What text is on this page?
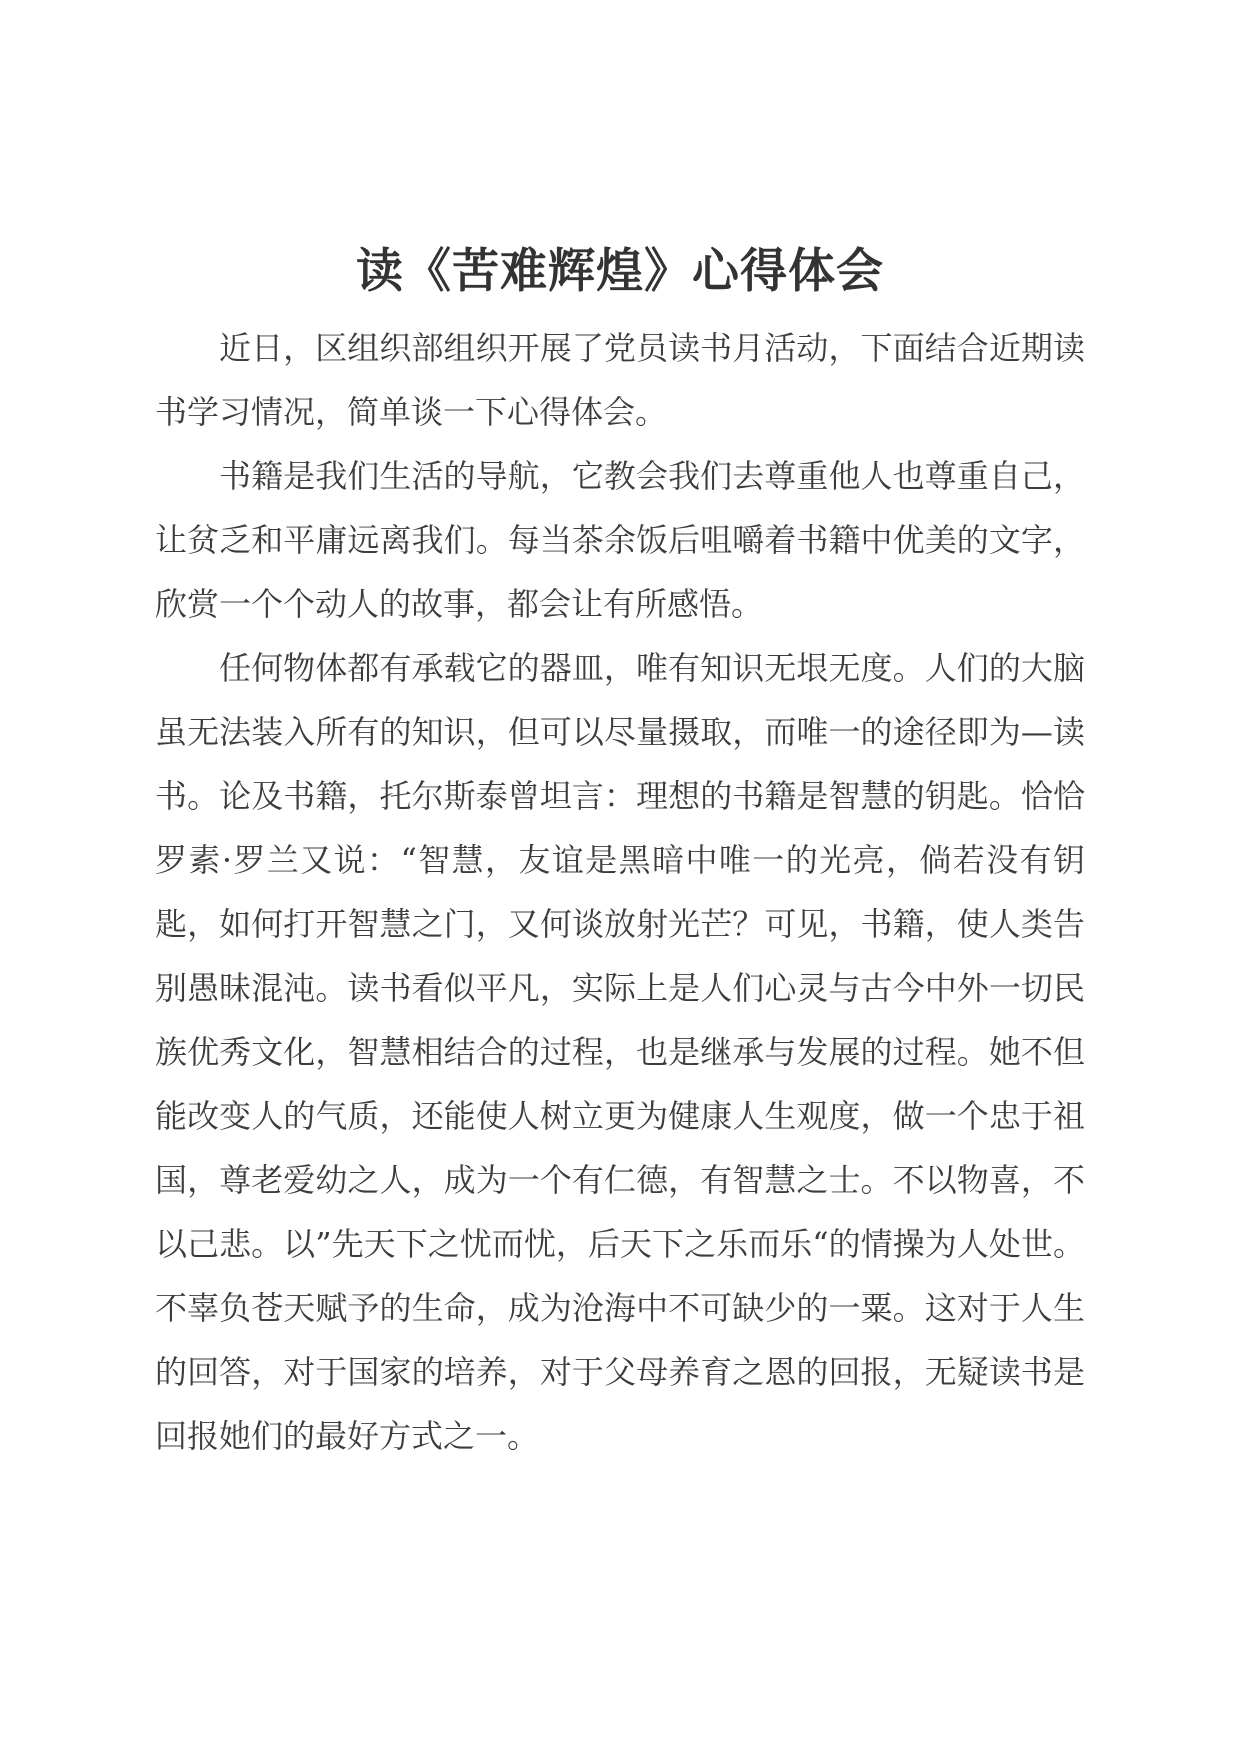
读《苦难辉煌》心得体会

近日，区组织部组织开展了党员读书月活动，下面结合近期读书学习情况，简单谈一下心得体会。

书籍是我们生活的导航，它教会我们去尊重他人也尊重自己，让贫乏和平庸远离我们。每当茶余饭后咀嚼着书籍中优美的文字，欣赏一个个动人的故事，都会让有所感悟。

任何物体都有承载它的器皿，唯有知识无垠无度。人们的大脑虽无法装入所有的知识，但可以尽量摄取，而唯一的途径即为—读书。论及书籍，托尔斯泰曾坦言：理想的书籍是智慧的钥匙。恰恰罗素·罗兰又说：“智慧，友谊是黑暗中唯一的光亮，倘若没有钥匙，如何打开智慧之门，又何谈放射光芒？可见，书籍，使人类告别愚昧混沌。读书看似平凡，实际上是人们心灵与古今中外一切民族优秀文化，智慧相结合的过程，也是继承与发展的过程。她不但能改变人的气质，还能使人树立更为健康人生观度，做一个忠于祖国，尊老爱幼之人，成为一个有仁德，有智慧之士。不以物喜，不以己悲。以”先天下之忧而忧，后天下之乐而乐“的情操为人处世。不辜负苍天赋予的生命，成为沧海中不可缺少的一粟。这对于人生的回答，对于国家的培养，对于父母养育之恩的回报，无疑读书是回报她们的最好方式之一。
